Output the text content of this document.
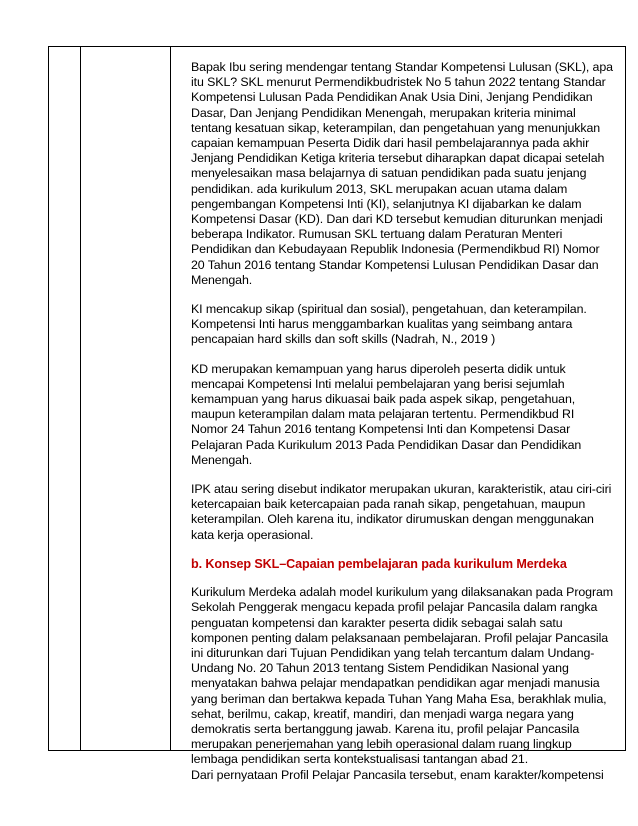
Bapak Ibu sering mendengar tentang Standar Kompetensi Lulusan (SKL), apa itu SKL? SKL menurut Permendikbudristek No 5 tahun 2022 tentang Standar Kompetensi Lulusan Pada Pendidikan Anak Usia Dini, Jenjang Pendidikan Dasar, Dan Jenjang Pendidikan Menengah, merupakan kriteria minimal tentang kesatuan sikap, keterampilan, dan pengetahuan yang menunjukkan capaian kemampuan Peserta Didik dari hasil pembelajarannya pada akhir Jenjang Pendidikan Ketiga kriteria tersebut diharapkan dapat dicapai setelah menyelesaikan masa belajarnya di satuan pendidikan pada suatu jenjang pendidikan. ada kurikulum 2013, SKL merupakan acuan utama dalam pengembangan Kompetensi Inti (KI), selanjutnya KI dijabarkan ke dalam Kompetensi Dasar (KD). Dan dari KD tersebut kemudian diturunkan menjadi beberapa Indikator. Rumusan SKL tertuang dalam Peraturan Menteri Pendidikan dan Kebudayaan Republik Indonesia (Permendikbud RI) Nomor 20 Tahun 2016 tentang Standar Kompetensi Lulusan Pendidikan Dasar dan Menengah.

KI mencakup sikap (spiritual dan sosial), pengetahuan, dan keterampilan. Kompetensi Inti harus menggambarkan kualitas yang seimbang antara pencapaian hard skills dan soft skills (Nadrah, N., 2019 )

KD merupakan kemampuan yang harus diperoleh peserta didik untuk mencapai Kompetensi Inti melalui pembelajaran yang berisi sejumlah kemampuan yang harus dikuasai baik pada aspek sikap, pengetahuan, maupun keterampilan dalam mata pelajaran tertentu. Permendikbud RI Nomor 24 Tahun 2016 tentang Kompetensi Inti dan Kompetensi Dasar Pelajaran Pada Kurikulum 2013 Pada Pendidikan Dasar dan Pendidikan Menengah.

IPK atau sering disebut indikator merupakan ukuran, karakteristik, atau ciri-ciri ketercapaian baik ketercapaian pada ranah sikap, pengetahuan, maupun keterampilan. Oleh karena itu, indikator dirumuskan dengan menggunakan kata kerja operasional.

b. Konsep SKL–Capaian pembelajaran pada kurikulum Merdeka

Kurikulum Merdeka adalah model kurikulum yang dilaksanakan pada Program Sekolah Penggerak mengacu kepada profil pelajar Pancasila dalam rangka penguatan kompetensi dan karakter peserta didik sebagai salah satu komponen penting dalam pelaksanaan pembelajaran. Profil pelajar Pancasila ini diturunkan dari Tujuan Pendidikan yang telah tercantum dalam Undang-Undang No. 20 Tahun 2013 tentang Sistem Pendidikan Nasional yang menyatakan bahwa pelajar mendapatkan pendidikan agar menjadi manusia yang beriman dan bertakwa kepada Tuhan Yang Maha Esa, berakhlak mulia, sehat, berilmu, cakap, kreatif, mandiri, dan menjadi warga negara yang demokratis serta bertanggung jawab. Karena itu, profil pelajar Pancasila merupakan penerjemahan yang lebih operasional dalam ruang lingkup lembaga pendidikan serta kontekstualisasi tantangan abad 21.

Dari pernyataan Profil Pelajar Pancasila tersebut, enam karakter/kompetensi
